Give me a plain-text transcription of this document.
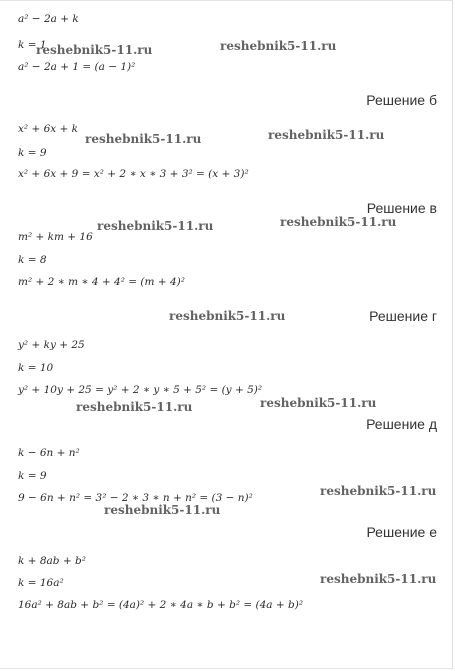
a² − 2a + k
k = 1
a² − 2a + 1 = (a − 1)²
Решение б
x² + 6x + k
k = 9
x² + 6x + 9 = x² + 2 ∗ x ∗ 3 + 3² = (x + 3)²
Решение в
m² + km + 16
k = 8
m² + 2 ∗ m ∗ 4 + 4² = (m + 4)²
Решение г
y² + ky + 25
k = 10
y² + 10y + 25 = y² + 2 ∗ y ∗ 5 + 5² = (y + 5)²
Решение д
k − 6n + n²
k = 9
9 − 6n + n² = 3² − 2 ∗ 3 ∗ n + n² = (3 − n)²
Решение е
k + 8ab + b²
k = 16a²
16a² + 8ab + b² = (4a)² + 2 ∗ 4a ∗ b + b² = (4a + b)²
reshebnik5-11.ru	reshebnik5-11.ru
reshebnik5-11.ru	reshebnik5-11.ru
reshebnik5-11.ru	reshebnik5-11.ru
reshebnik5-11.ru
reshebnik5-11.ru	reshebnik5-11.ru
reshebnik5-11.ru
reshebnik5-11.ru
reshebnik5-11.ru
